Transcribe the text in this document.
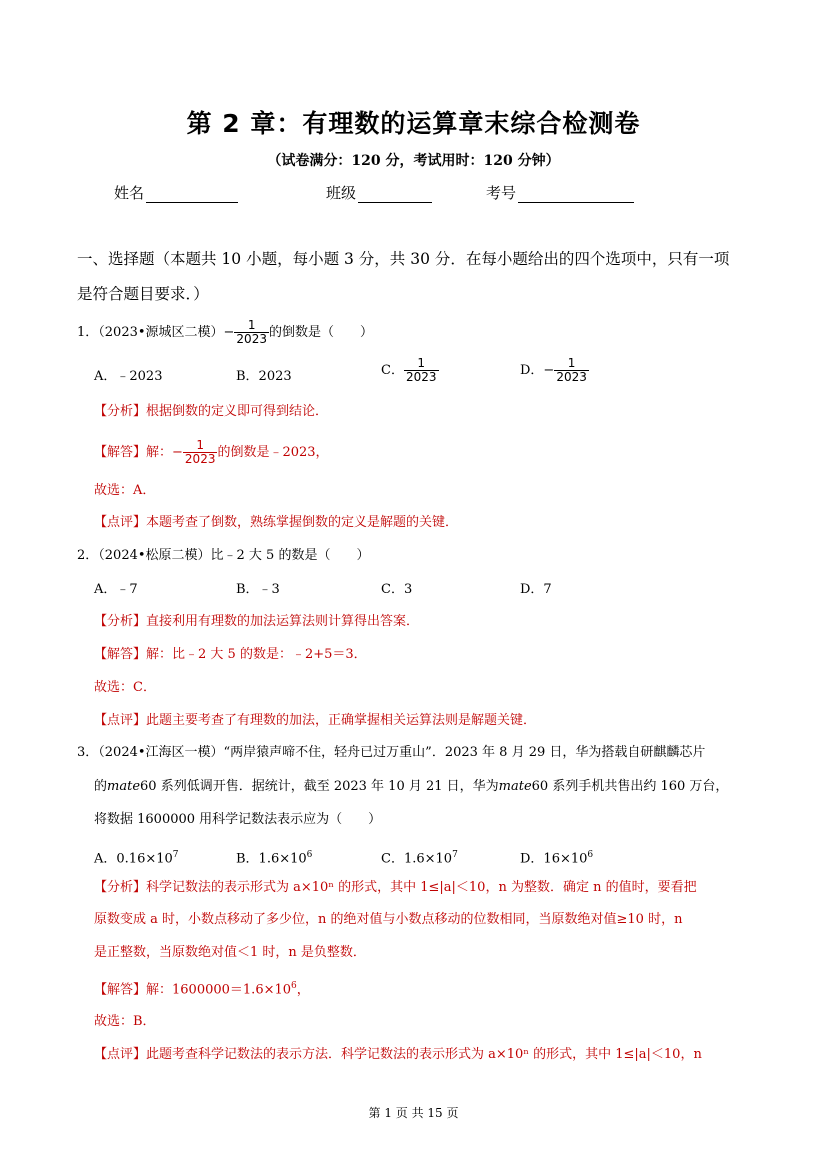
第 2 章：有理数的运算章末综合检测卷
（试卷满分：120 分，考试用时：120 分钟）
姓名	班级	考号
一、选择题（本题共 10 小题，每小题 3 分，共 30 分．在每小题给出的四个选项中，只有一项
是符合题目要求．）
1．（2023•源城区二模）− $\frac{1}{2023}$ 的倒数是（　　）
A．﹣2023	B．2023	C． $\frac{1}{2023}$	D．− $\frac{1}{2023}$
【分析】根据倒数的定义即可得到结论．
【解答】解：− $\frac{1}{2023}$ 的倒数是﹣2023，
故选：A．
【点评】本题考查了倒数，熟练掌握倒数的定义是解题的关键．
2．（2024•松原二模）比﹣2 大 5 的数是（　　）
A．﹣7	B．﹣3	C．3	D．7
【分析】直接利用有理数的加法运算法则计算得出答案．
【解答】解：比﹣2 大 5 的数是：﹣2+5＝3．
故选：C．
【点评】此题主要考查了有理数的加法，正确掌握相关运算法则是解题关键．
3．（2024•江海区一模）“两岸猿声啼不住，轻舟已过万重山”．2023 年 8 月 29 日，华为搭载自研麒麟芯片
的mate60 系列低调开售．据统计，截至 2023 年 10 月 21 日，华为mate60 系列手机共售出约 160 万台，
将数据 1600000 用科学记数法表示应为（　　）
A．$0.16\times 10^7$	B．$1.6\times 10^6$	C．$1.6\times 10^7$	D．$16\times 10^6$
【分析】科学记数法的表示形式为 a×10ⁿ 的形式，其中 1≤|a|＜10，n 为整数．确定 n 的值时，要看把
原数变成 a 时，小数点移动了多少位，n 的绝对值与小数点移动的位数相同，当原数绝对值≥10 时，n
是正整数，当原数绝对值＜1 时，n 是负整数．
【解答】解：$1600000=1.6\times 10^6$，
故选：B．
【点评】此题考查科学记数法的表示方法．科学记数法的表示形式为 a×10ⁿ 的形式，其中 1≤|a|＜10，n
第 1 页 共 15 页
